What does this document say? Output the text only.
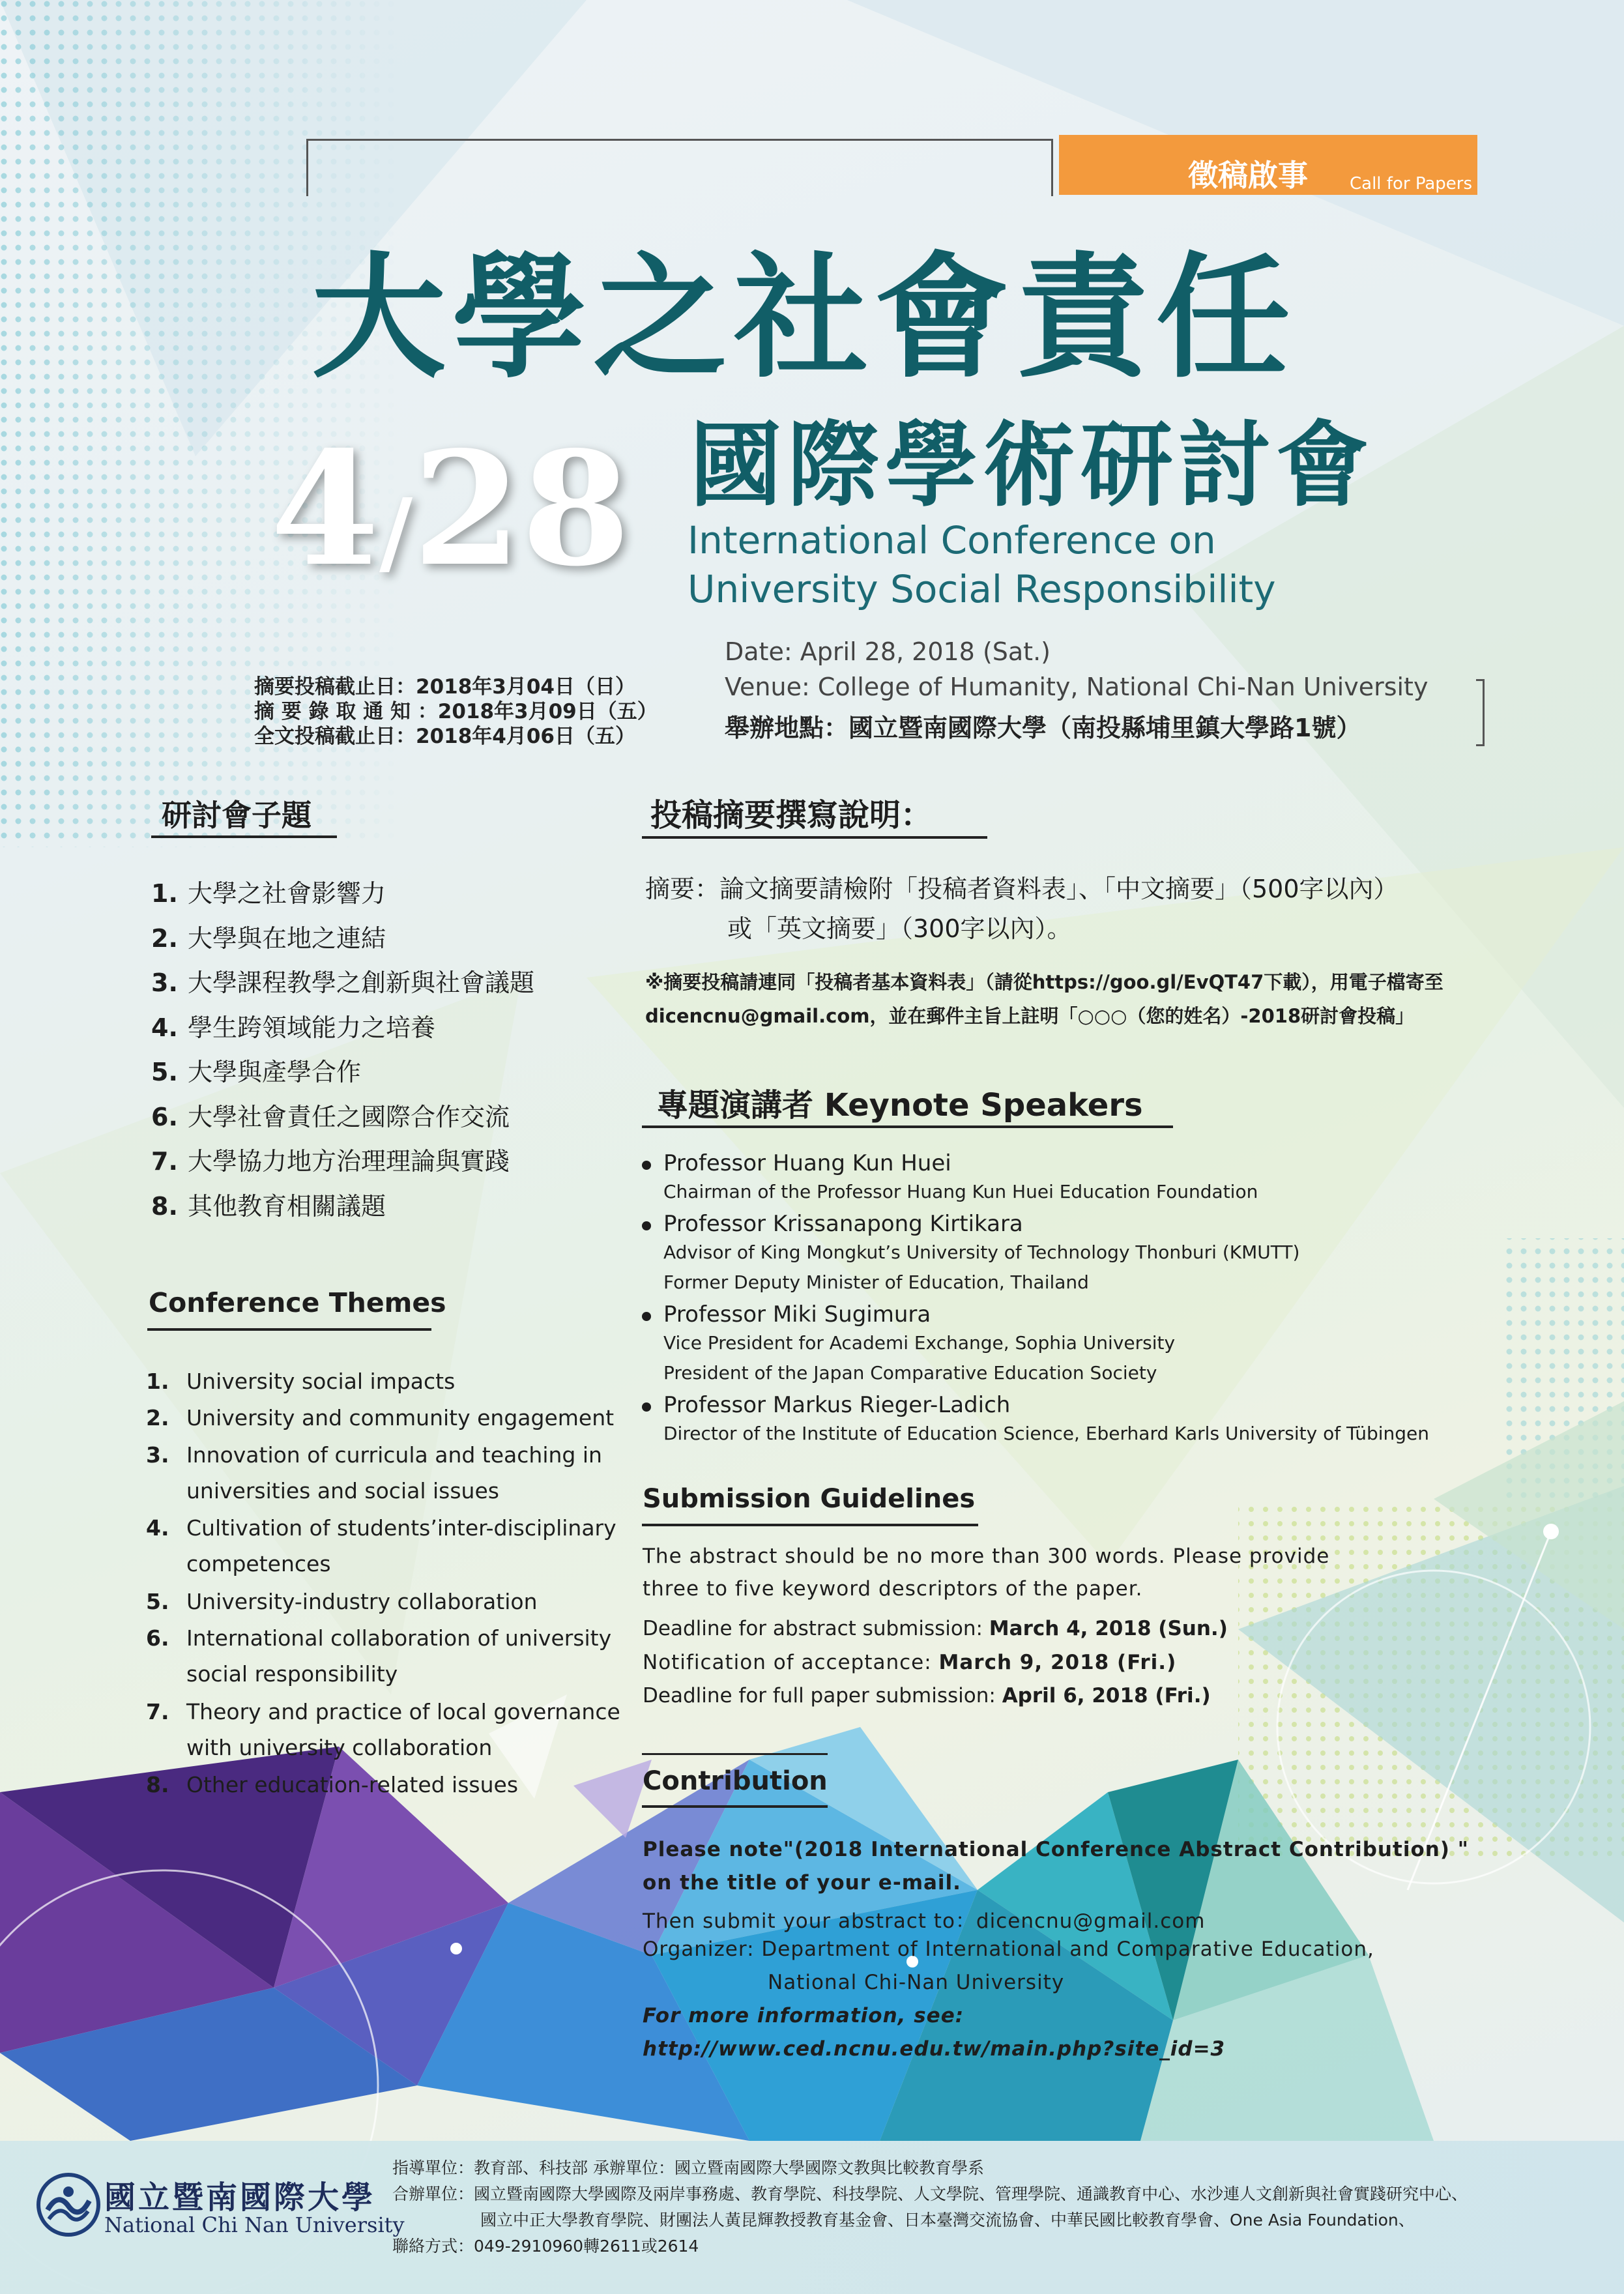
徵稿啟事 Call for Papers
大學之社會責任
國際學術研討會
4/28 International Conference on
University Social Responsibility
摘要投稿截止日：2018年3月04日（日）
摘 要 錄 取 通 知 ：2018年3月09日（五）
全文投稿截止日：2018年4月06日（五）
Date: April 28, 2018 (Sat.)
Venue: College of Humanity, National Chi-Nan University
舉辦地點：國立暨南國際大學（南投縣埔里鎮大學路1號）
研討會子題
1. 大學之社會影響力
2. 大學與在地之連結
3. 大學課程教學之創新與社會議題
4. 學生跨領域能力之培養
5. 大學與產學合作
6. 大學社會責任之國際合作交流
7. 大學協力地方治理理論與實踐
8. 其他教育相關議題
Conference Themes
1. University social impacts
2. University and community engagement
3. Innovation of curricula and teaching in
universities and social issues
4. Cultivation of students’inter-disciplinary
competences
5. University-industry collaboration
6. International collaboration of university
social responsibility
7. Theory and practice of local governance
with university collaboration
8. Other education-related issues
投稿摘要撰寫說明：
摘要：論文摘要請檢附「投稿者資料表」、「中文摘要」（500字以內）
或「英文摘要」（300字以內）。
※摘要投稿請連同「投稿者基本資料表」（請從https://goo.gl/EvQT47下載），用電子檔寄至
dicencnu@gmail.com，並在郵件主旨上註明「○○○（您的姓名）-2018研討會投稿」
專題演講者 Keynote Speakers
Professor Huang Kun Huei
Chairman of the Professor Huang Kun Huei Education Foundation
Professor Krissanapong Kirtikara
Advisor of King Mongkut’s University of Technology Thonburi (KMUTT)
Former Deputy Minister of Education, Thailand
Professor Miki Sugimura
Vice President for Academi Exchange, Sophia University
President of the Japan Comparative Education Society
Professor Markus Rieger-Ladich
Director of the Institute of Education Science, Eberhard Karls University of Tübingen
Submission Guidelines
The abstract should be no more than 300 words. Please provide
three to five keyword descriptors of the paper.
Deadline for abstract submission: March 4, 2018 (Sun.)
Notification of acceptance: March 9, 2018 (Fri.)
Deadline for full paper submission: April 6, 2018 (Fri.)
Contribution
Please note"(2018 International Conference Abstract Contribution) "
on the title of your e-mail.
Then submit your abstract to：dicencnu@gmail.com
Organizer: Department of International and Comparative Education,
National Chi-Nan University
For more information, see:
http://www.ced.ncnu.edu.tw/main.php?site_id=3
國立暨南國際大學
National Chi Nan University
指導單位：教育部、科技部 承辦單位：國立暨南國際大學國際文教與比較教育學系
合辦單位：國立暨南國際大學國際及兩岸事務處、教育學院、科技學院、人文學院、管理學院、通識教育中心、水沙連人文創新與社會實踐研究中心、
國立中正大學教育學院、財團法人黃昆輝教授教育基金會、日本臺灣交流協會、中華民國比較教育學會、One Asia Foundation、
聯絡方式：049-2910960轉2611或2614
